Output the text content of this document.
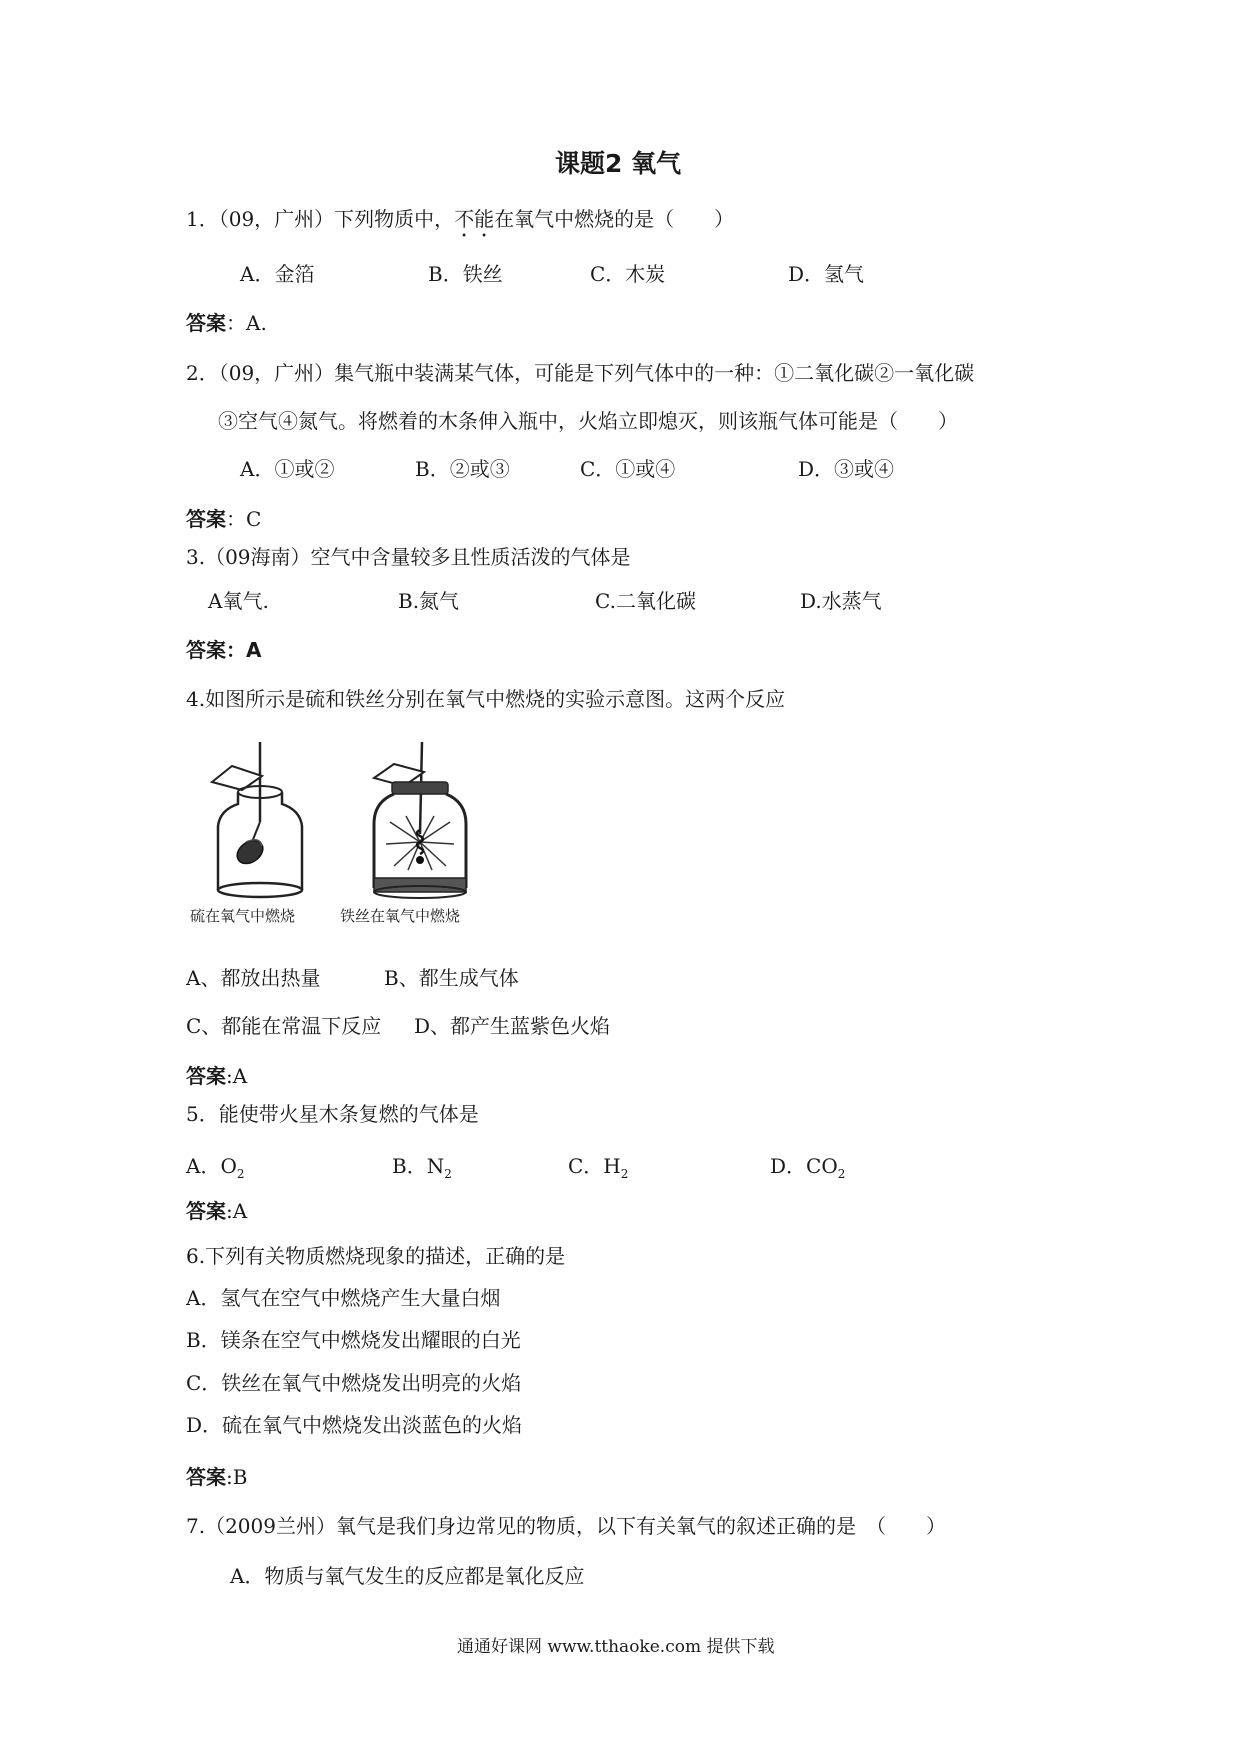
课题2 氧气
1．（09，广州）下列物质中，不能在氧气中燃烧的是（　　）
A．金箔	B．铁丝	C．木炭	D．氢气
答案：A.
2．（09，广州）集气瓶中装满某气体，可能是下列气体中的一种：①二氧化碳②一氧化碳
③空气④氮气。将燃着的木条伸入瓶中，火焰立即熄灭，则该瓶气体可能是（　　）
A．①或②	B．②或③	C．①或④	D．③或④
答案：C
3.（09海南）空气中含量较多且性质活泼的气体是
A氧气.	B.氮气	C.二氧化碳	D.水蒸气
答案：A
4.如图所示是硫和铁丝分别在氧气中燃烧的实验示意图。这两个反应
硫在氧气中燃烧	铁丝在氧气中燃烧
A、都放出热量	B、都生成气体
C、都能在常温下反应 D、都产生蓝紫色火焰
答案:A
5．能使带火星木条复燃的气体是
A．$O_2$	B．$N_2$	C．$H_2$	D．$CO_2$
答案:A
6.下列有关物质燃烧现象的描述，正确的是
A．氢气在空气中燃烧产生大量白烟
B．镁条在空气中燃烧发出耀眼的白光
C．铁丝在氧气中燃烧发出明亮的火焰
D．硫在氧气中燃烧发出淡蓝色的火焰
答案:B
7.（2009兰州）氧气是我们身边常见的物质，以下有关氧气的叙述正确的是　（　　）
A．物质与氧气发生的反应都是氧化反应
通通好课网 www.tthaoke.com 提供下载
